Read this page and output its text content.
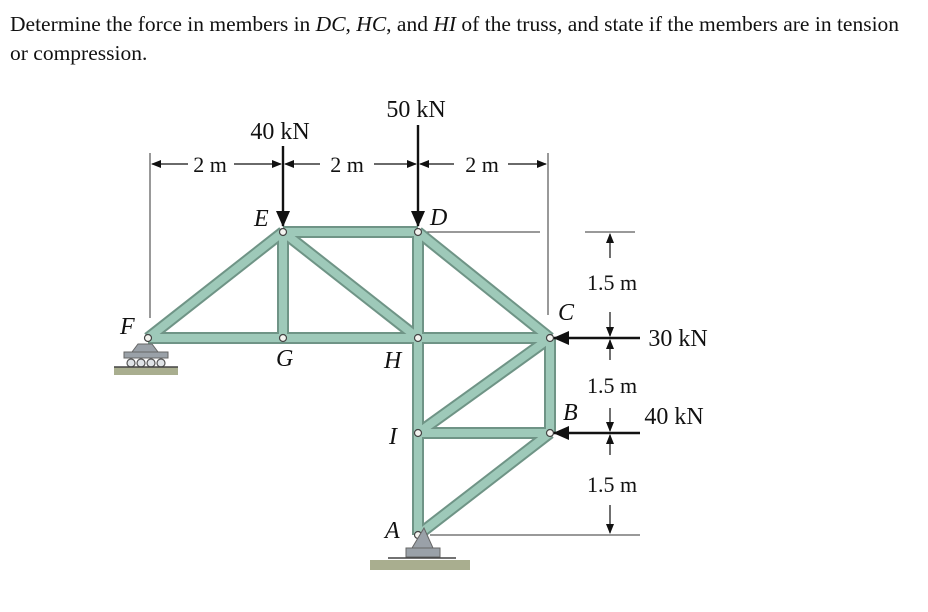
Determine the force in members in DC, HC, and HI of the truss, and state if the members are in tension or compression.
2 m	2 m	2 m
1.5 m
1.5 m
1.5 m
40 kN
50 kN
30 kN
40 kN
F
E	D
C
B
G	H
I
A
